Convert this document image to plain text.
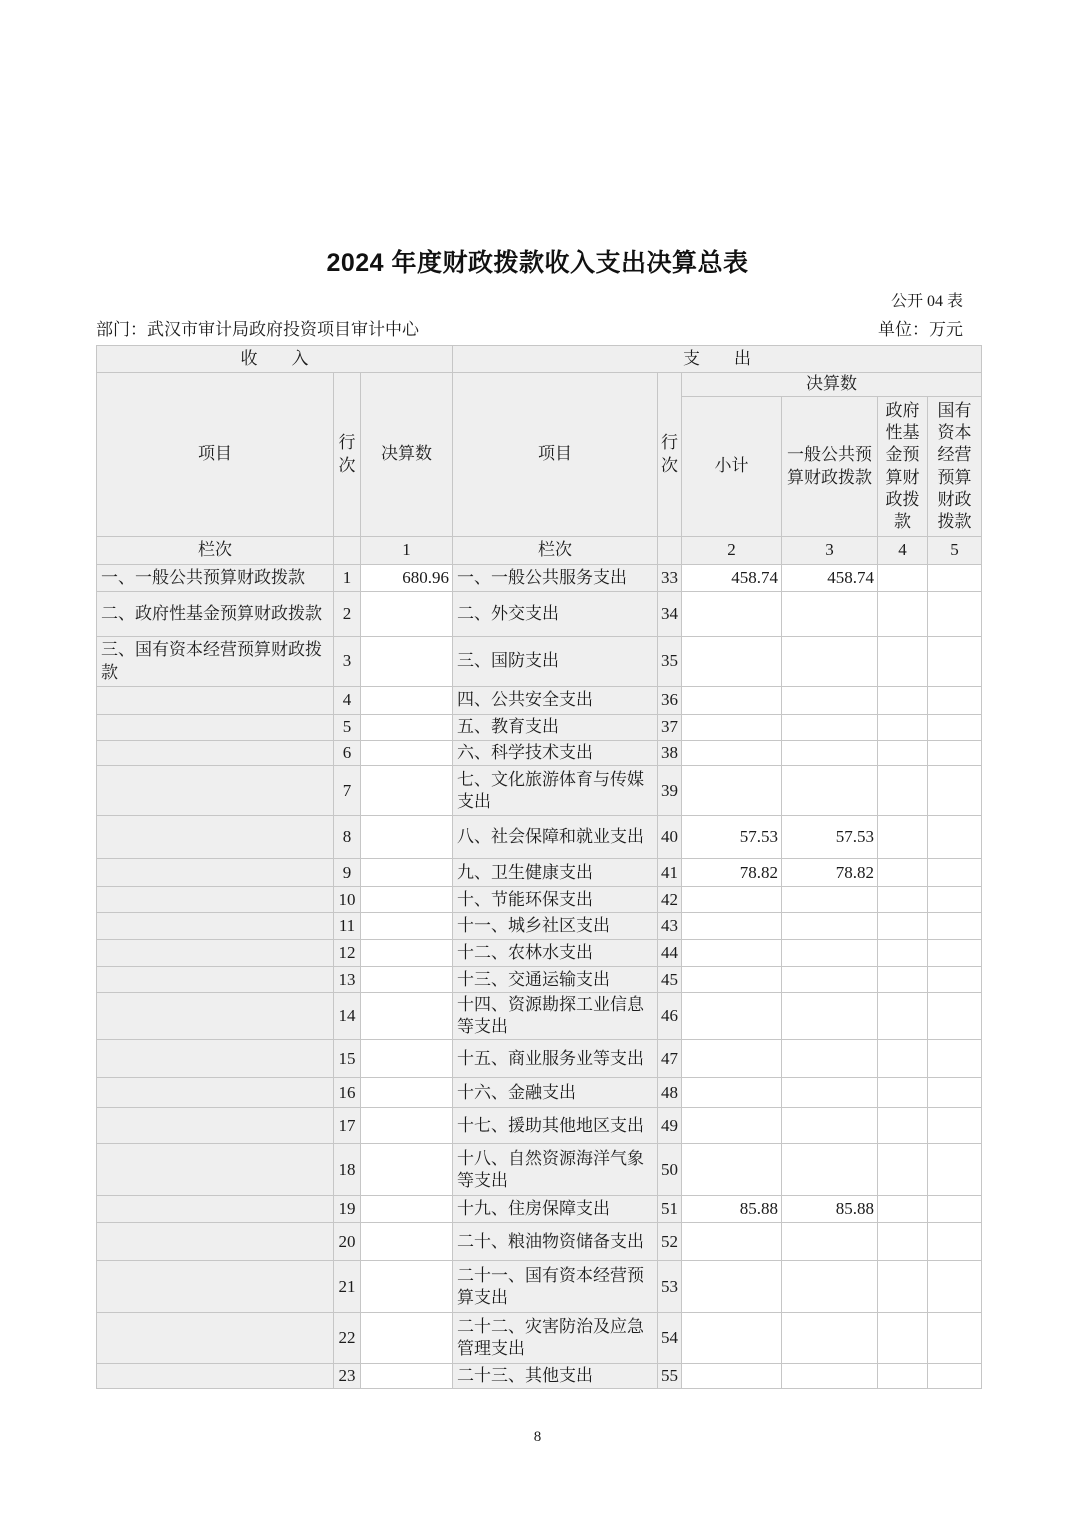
2024 年度财政拨款收入支出决算总表
公开 04 表
部门：武汉市审计局政府投资项目审计中心	单位：万元
收　　入			支　　出					
项目	行次	决算数	项目	行次	决算数			
					小计	一般公共预算财政拨款	政府性基金预算财政拨款	国有资本经营预算财政拨款
栏次		1	栏次		2	3	4	5
一、一般公共预算财政拨款	1	680.96	一、一般公共服务支出	33	458.74	458.74		
二、政府性基金预算财政拨款	2		二、外交支出	34				
三、国有资本经营预算财政拨款	3		三、国防支出	35				
	4		四、公共安全支出	36				
	5		五、教育支出	37				
	6		六、科学技术支出	38				
	7		七、文化旅游体育与传媒支出	39				
	8		八、社会保障和就业支出	40	57.53	57.53		
	9		九、卫生健康支出	41	78.82	78.82		
	10		十、节能环保支出	42				
	11		十一、城乡社区支出	43				
	12		十二、农林水支出	44				
	13		十三、交通运输支出	45				
	14		十四、资源勘探工业信息等支出	46				
	15		十五、商业服务业等支出	47				
	16		十六、金融支出	48				
	17		十七、援助其他地区支出	49				
	18		十八、自然资源海洋气象等支出	50				
	19		十九、住房保障支出	51	85.88	85.88		
	20		二十、粮油物资储备支出	52				
	21		二十一、国有资本经营预算支出	53				
	22		二十二、灾害防治及应急管理支出	54				
	23		二十三、其他支出	55				
8
